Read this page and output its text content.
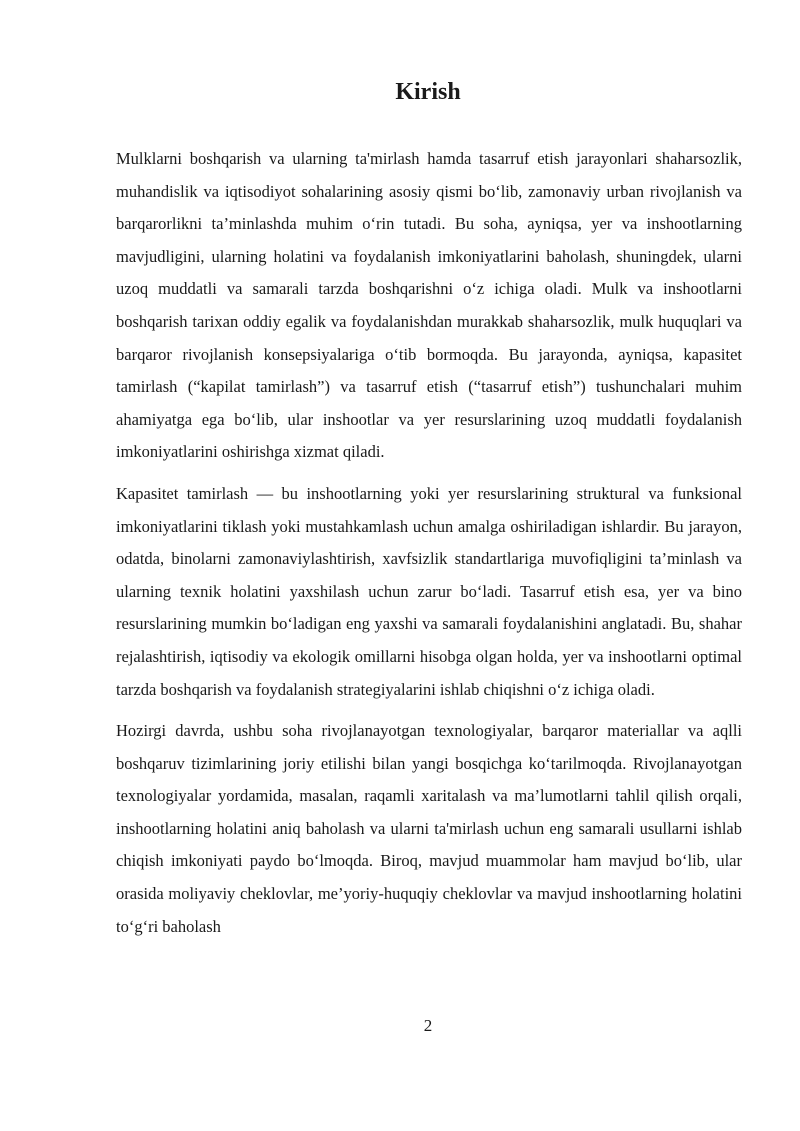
Kirish

Mulklarni boshqarish va ularning ta'mirlash hamda tasarruf etish jarayonlari shaharsozlik, muhandislik va iqtisodiyot sohalarining asosiy qismi bo‘lib, zamonaviy urban rivojlanish va barqarorlikni ta’minlashda muhim o‘rin tutadi. Bu soha, ayniqsa, yer va inshootlarning mavjudligini, ularning holatini va foydalanish imkoniyatlarini baholash, shuningdek, ularni uzoq muddatli va samarali tarzda boshqarishni o‘z ichiga oladi. Mulk va inshootlarni boshqarish tarixan oddiy egalik va foydalanishdan murakkab shaharsozlik, mulk huquqlari va barqaror rivojlanish konsepsiyalariga o‘tib bormoqda. Bu jarayonda, ayniqsa, kapasitet tamirlash (“kapilat tamirlash”) va tasarruf etish (“tasarruf etish”) tushunchalari muhim ahamiyatga ega bo‘lib, ular inshootlar va yer resurslarining uzoq muddatli foydalanish imkoniyatlarini oshirishga xizmat qiladi.

Kapasitet tamirlash — bu inshootlarning yoki yer resurslarining struktural va funksional imkoniyatlarini tiklash yoki mustahkamlash uchun amalga oshiriladigan ishlardir. Bu jarayon, odatda, binolarni zamonaviylashtirish, xavfsizlik standartlariga muvofiqligini ta’minlash va ularning texnik holatini yaxshilash uchun zarur bo‘ladi. Tasarruf etish esa, yer va bino resurslarining mumkin bo‘ladigan eng yaxshi va samarali foydalanishini anglatadi. Bu, shahar rejalashtirish, iqtisodiy va ekologik omillarni hisobga olgan holda, yer va inshootlarni optimal tarzda boshqarish va foydalanish strategiyalarini ishlab chiqishni o‘z ichiga oladi.

Hozirgi davrda, ushbu soha rivojlanayotgan texnologiyalar, barqaror materiallar va aqlli boshqaruv tizimlarining joriy etilishi bilan yangi bosqichga ko‘tarilmoqda. Rivojlanayotgan texnologiyalar yordamida, masalan, raqamli xaritalash va ma’lumotlarni tahlil qilish orqali, inshootlarning holatini aniq baholash va ularni ta'mirlash uchun eng samarali usullarni ishlab chiqish imkoniyati paydo bo‘lmoqda. Biroq, mavjud muammolar ham mavjud bo‘lib, ular orasida moliyaviy cheklovlar, me’yoriy-huquqiy cheklovlar va mavjud inshootlarning holatini to‘g‘ri baholash

2
